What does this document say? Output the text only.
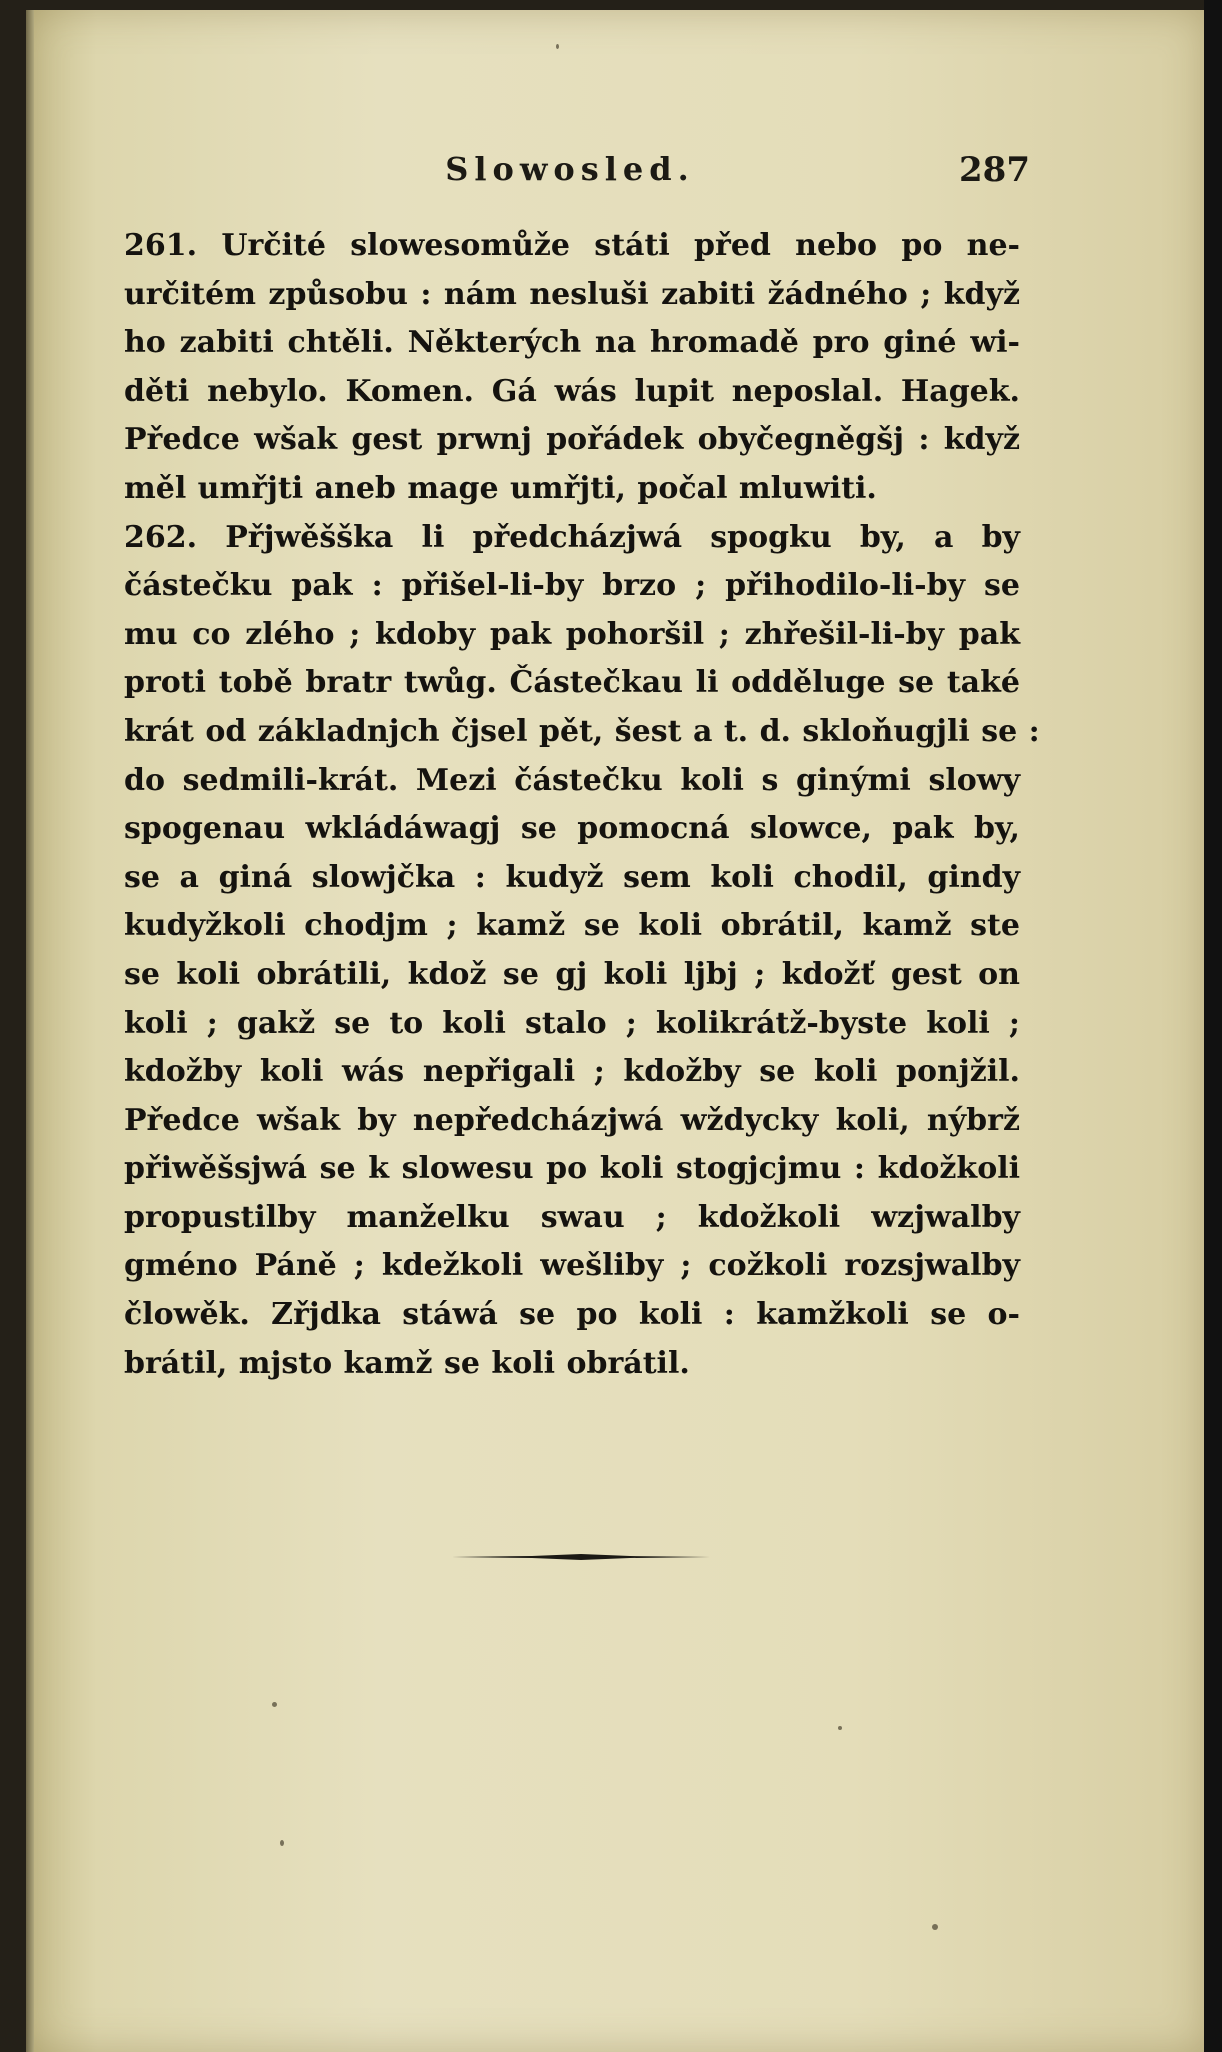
Slowosled.	287
261. Určité slowesomůže státi před nebo po ne-
určitém způsobu : nám nesluši zabiti žádného ; když
ho zabiti chtěli. Některých na hromadě pro giné wi-
děti nebylo. Komen. Gá wás lupit neposlal. Hagek.
Předce wšak gest prwnj pořádek obyčegněgšj : když
měl umřjti aneb mage umřjti, počal mluwiti.
262. Přjwěšška li předcházjwá spogku by, a by
částečku pak : přišel-li-by brzo ; přihodilo-li-by se
mu co zlého ; kdoby pak pohoršil ; zhřešil-li-by pak
proti tobě bratr twůg. Částečkau li oddělugе se také
krát od základnjch čjsel pět, šest a t. d. skloňugjli se :
do sedmili-krát. Mezi částečku koli s ginými slowy
spogenau wkládáwagj se pomocná slowce, pak by,
se a giná slowjčka : kudyž sem koli chodil, gindy
kudyžkoli chodjm ; kamž se koli obrátil, kamž ste
se koli obrátili, kdož se gj koli ljbj ; kdožť gest on
koli ; gakž se to koli stalo ; kolikrátž-byste koli ;
kdožby koli wás nepřigali ; kdožby se koli ponjžil.
Předce wšak by nepředcházjwá wždycky koli, nýbrž
přiwěšsjwá se k slowesu po koli stogjcjmu : kdožkoli
propustilby manželku swau ; kdožkoli wzjwalby
gméno Páně ; kdežkoli wešliby ; cožkoli rozsjwalby
člowěk. Zřjdka stáwá se po koli : kamžkoli se o-
brátil, mjsto kamž se koli obrátil.
